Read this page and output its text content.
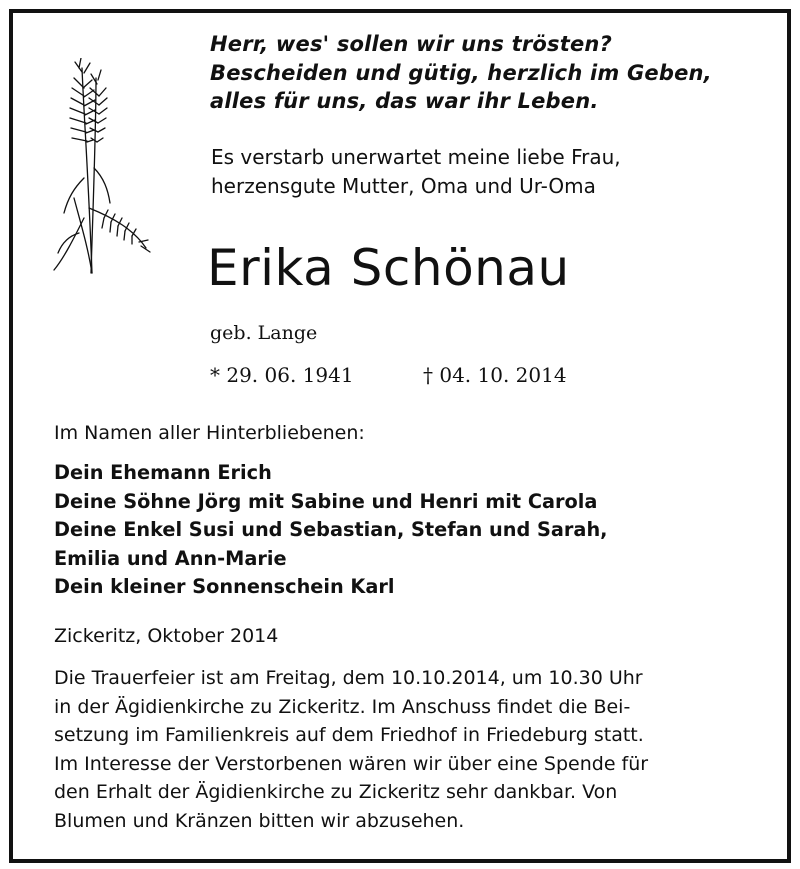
Herr, wes' sollen wir uns trösten?
Bescheiden und gütig, herzlich im Geben,
alles für uns, das war ihr Leben.
Es verstarb unerwartet meine liebe Frau,
herzensgute Mutter, Oma und Ur-Oma
Erika Schönau
geb. Lange
* 29. 06. 1941	† 04. 10. 2014
Im Namen aller Hinterbliebenen:
Dein Ehemann Erich
Deine Söhne Jörg mit Sabine und Henri mit Carola
Deine Enkel Susi und Sebastian, Stefan und Sarah,
Emilia und Ann-Marie
Dein kleiner Sonnenschein Karl
Zickeritz, Oktober 2014
Die Trauerfeier ist am Freitag, dem 10.10.2014, um 10.30 Uhr
in der Ägidienkirche zu Zickeritz. Im Anschuss findet die Bei-
setzung im Familienkreis auf dem Friedhof in Friedeburg statt.
Im Interesse der Verstorbenen wären wir über eine Spende für
den Erhalt der Ägidienkirche zu Zickeritz sehr dankbar. Von
Blumen und Kränzen bitten wir abzusehen.
